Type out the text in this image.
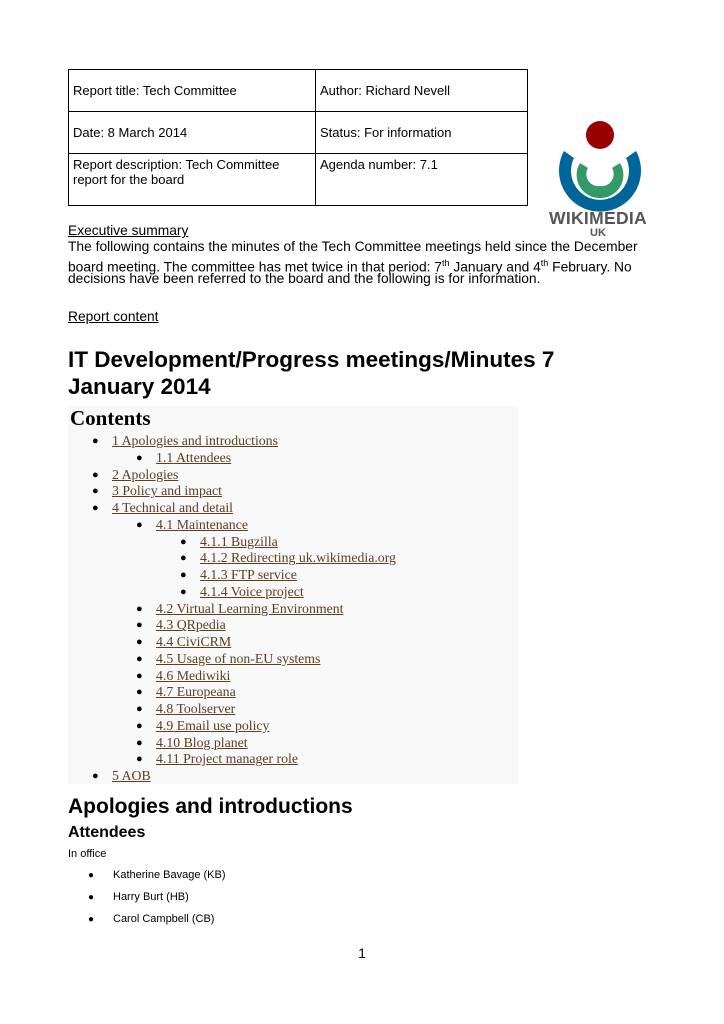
Report title: Tech Committee	Author: Richard Nevell
Date: 8 March 2014	Status: For information
Report description: Tech Committee
report for the board	Agenda number: 7.1
WIKIMEDIA
UK
Executive summary
The following contains the minutes of the Tech Committee meetings held since the December
board meeting. The committee has met twice in that period: 7th January and 4th February. No
decisions have been referred to the board and the following is for information.
Report content
IT Development/Progress meetings/Minutes 7
January 2014
Contents
● 1 Apologies and introductions
● 1.1 Attendees
● 2 Apologies
● 3 Policy and impact
● 4 Technical and detail
● 4.1 Maintenance
● 4.1.1 Bugzilla
● 4.1.2 Redirecting uk.wikimedia.org
● 4.1.3 FTP service
● 4.1.4 Voice project
● 4.2 Virtual Learning Environment
● 4.3 QRpedia
● 4.4 CiviCRM
● 4.5 Usage of non-EU systems
● 4.6 Mediwiki
● 4.7 Europeana
● 4.8 Toolserver
● 4.9 Email use policy
● 4.10 Blog planet
● 4.11 Project manager role
● 5 AOB
Apologies and introductions
Attendees
In office
● Katherine Bavage (KB)
● Harry Burt (HB)
● Carol Campbell (CB)
1
